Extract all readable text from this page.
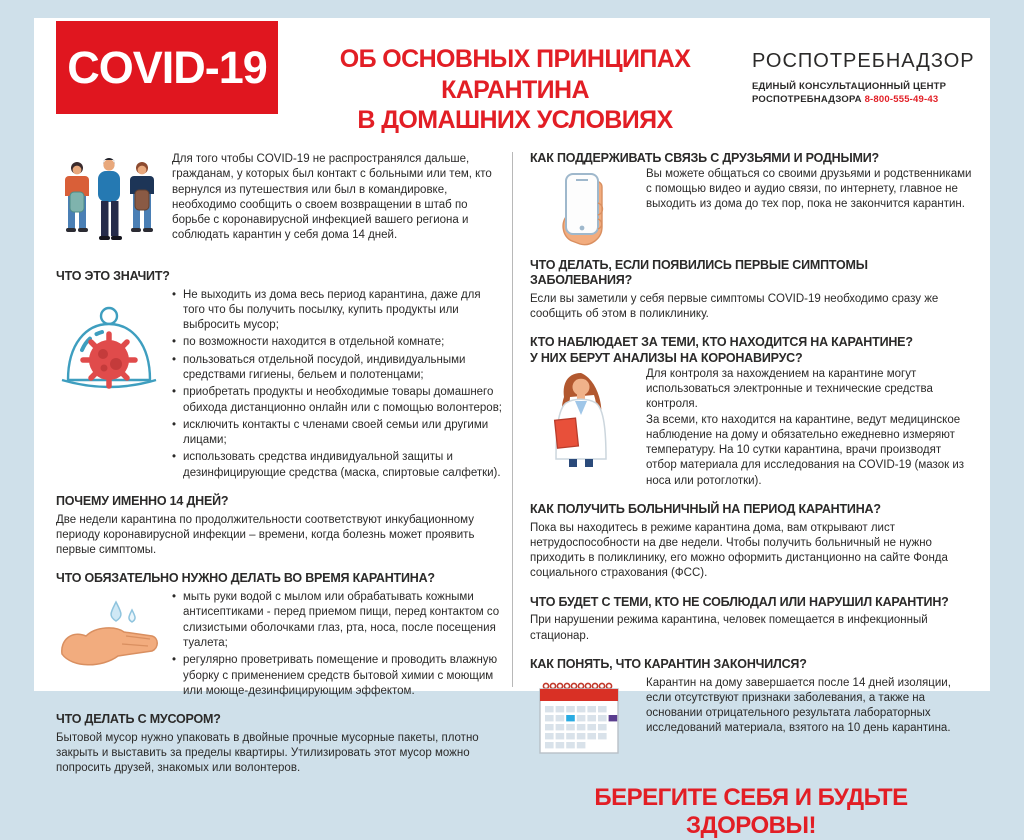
COVID-19	ОБ ОСНОВНЫХ ПРИНЦИПАХ КАРАНТИНА
В ДОМАШНИХ УСЛОВИЯХ
РОСПОТРЕБНАДЗОР
ЕДИНЫЙ КОНСУЛЬТАЦИОННЫЙ ЦЕНТР
РОСПОТРЕБНАДЗОРА 8-800-555-49-43

Для того чтобы COVID-19 не распространялся дальше, гражданам, у которых был контакт с больными или тем, кто вернулся из путешествия или был в командировке, необходимо сообщить о своем возвращении в штаб по борьбе с коронавирусной инфекцией вашего региона и соблюдать карантин у себя дома 14 дней.

ЧТО ЭТО ЗНАЧИТ?
• Не выходить из дома весь период карантина, даже для того что бы получить посылку, купить продукты или выбросить мусор;
• по возможности находится в отдельной комнате;
• пользоваться отдельной посудой, индивидуальными средствами гигиены, бельем и полотенцами;
• приобретать продукты и необходимые товары домашнего обихода дистанционно онлайн или с помощью волонтеров;
• исключить контакты с членами своей семьи или другими лицами;
• использовать средства индивидуальной защиты и дезинфицирующие средства (маска, спиртовые салфетки).
ПОЧЕМУ ИМЕННО 14 ДНЕЙ?

Две недели карантина по продолжительности соответствуют инкубационному периоду коронавирусной инфекции – времени, когда болезнь может проявить первые симптомы.

ЧТО ОБЯЗАТЕЛЬНО НУЖНО ДЕЛАТЬ ВО ВРЕМЯ КАРАНТИНА?
• мыть руки водой с мылом или обрабатывать кожными антисептиками - перед приемом пищи, перед контактом со слизистыми оболочками глаз, рта, носа, после посещения туалета;
• регулярно проветривать помещение и проводить влажную уборку с применением средств бытовой химии с моющим или моюще-дезинфицирующим эффектом.
ЧТО ДЕЛАТЬ С МУСОРОМ?

Бытовой мусор нужно упаковать в двойные прочные мусорные пакеты, плотно закрыть и выставить за пределы квартиры. Утилизировать этот мусор можно попросить друзей, знакомых или волонтеров.

КАК ПОДДЕРЖИВАТЬ СВЯЗЬ С ДРУЗЬЯМИ И РОДНЫМИ?

Вы можете общаться со своими друзьями и родственниками с помощью видео и аудио связи, по интернету, главное не выходить из дома до тех пор, пока не закончится карантин.

ЧТО ДЕЛАТЬ, ЕСЛИ ПОЯВИЛИСЬ ПЕРВЫЕ СИМПТОМЫ ЗАБОЛЕВАНИЯ?

Если вы заметили у себя первые симптомы COVID-19 необходимо сразу же сообщить об этом в поликлинику.

КТО НАБЛЮДАЕТ ЗА ТЕМИ, КТО НАХОДИТСЯ НА КАРАНТИНЕ?
У НИХ БЕРУТ АНАЛИЗЫ НА КОРОНАВИРУС?

Для контроля за нахождением на карантине могут использоваться электронные и технические средства контроля.

За всеми, кто находится на карантине, ведут медицинское наблюдение на дому и обязательно ежедневно измеряют температуру. На 10 сутки карантина, врачи производят отбор материала для исследования на COVID-19 (мазок из носа или ротоглотки).

КАК ПОЛУЧИТЬ БОЛЬНИЧНЫЙ НА ПЕРИОД КАРАНТИНА?

Пока вы находитесь в режиме карантина дома, вам открывают лист нетрудоспособности на две недели. Чтобы получить больничный не нужно приходить в поликлинику, его можно оформить дистанционно на сайте Фонда социального страхования (ФСС).

ЧТО БУДЕТ С ТЕМИ, КТО НЕ СОБЛЮДАЛ ИЛИ НАРУШИЛ КАРАНТИН?

При нарушении режима карантина, человек помещается в инфекционный стационар.

КАК ПОНЯТЬ, ЧТО КАРАНТИН ЗАКОНЧИЛСЯ?

Карантин на дому завершается после 14 дней изоляции, если отсутствуют признаки заболевания, а также на основании отрицательного результата лабораторных исследований материала, взятого на 10 день карантина.

БЕРЕГИТЕ СЕБЯ И БУДЬТЕ ЗДОРОВЫ!
